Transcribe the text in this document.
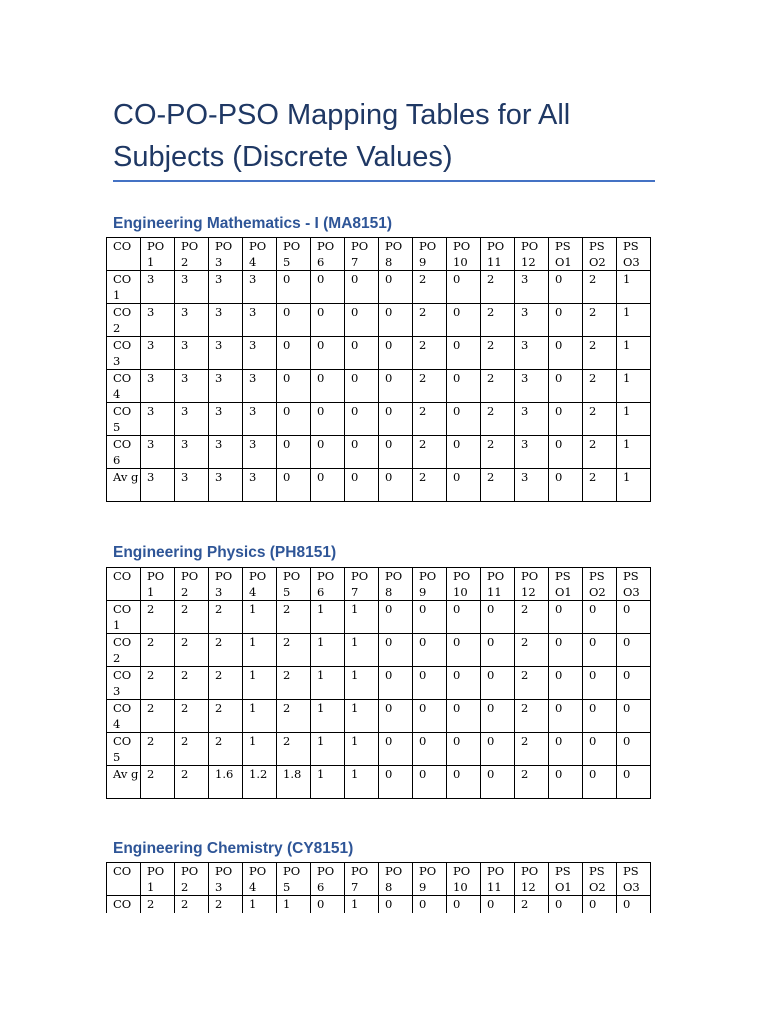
CO-PO-PSO Mapping Tables for All Subjects (Discrete Values)
Engineering Mathematics - I (MA8151)
CO	PO 1	PO 2	PO 3	PO 4	PO 5	PO 6	PO 7	PO 8	PO 9	PO 10	PO 11	PO 12	PS O1	PS O2	PS O3
CO 1	3	3	3	3	0	0	0	0	2	0	2	3	0	2	1
CO 2	3	3	3	3	0	0	0	0	2	0	2	3	0	2	1
CO 3	3	3	3	3	0	0	0	0	2	0	2	3	0	2	1
CO 4	3	3	3	3	0	0	0	0	2	0	2	3	0	2	1
CO 5	3	3	3	3	0	0	0	0	2	0	2	3	0	2	1
CO 6	3	3	3	3	0	0	0	0	2	0	2	3	0	2	1
Av g	3	3	3	3	0	0	0	0	2	0	2	3	0	2	1
Engineering Physics (PH8151)
CO	PO 1	PO 2	PO 3	PO 4	PO 5	PO 6	PO 7	PO 8	PO 9	PO 10	PO 11	PO 12	PS O1	PS O2	PS O3
CO 1	2	2	2	1	2	1	1	0	0	0	0	2	0	0	0
CO 2	2	2	2	1	2	1	1	0	0	0	0	2	0	0	0
CO 3	2	2	2	1	2	1	1	0	0	0	0	2	0	0	0
CO 4	2	2	2	1	2	1	1	0	0	0	0	2	0	0	0
CO 5	2	2	2	1	2	1	1	0	0	0	0	2	0	0	0
Av g	2	2	1.6	1.2	1.8	1	1	0	0	0	0	2	0	0	0
Engineering Chemistry (CY8151)
CO	PO 1	PO 2	PO 3	PO 4	PO 5	PO 6	PO 7	PO 8	PO 9	PO 10	PO 11	PO 12	PS O1	PS O2	PS O3
CO	2	2	2	1	1	0	1	0	0	0	0	2	0	0	0
